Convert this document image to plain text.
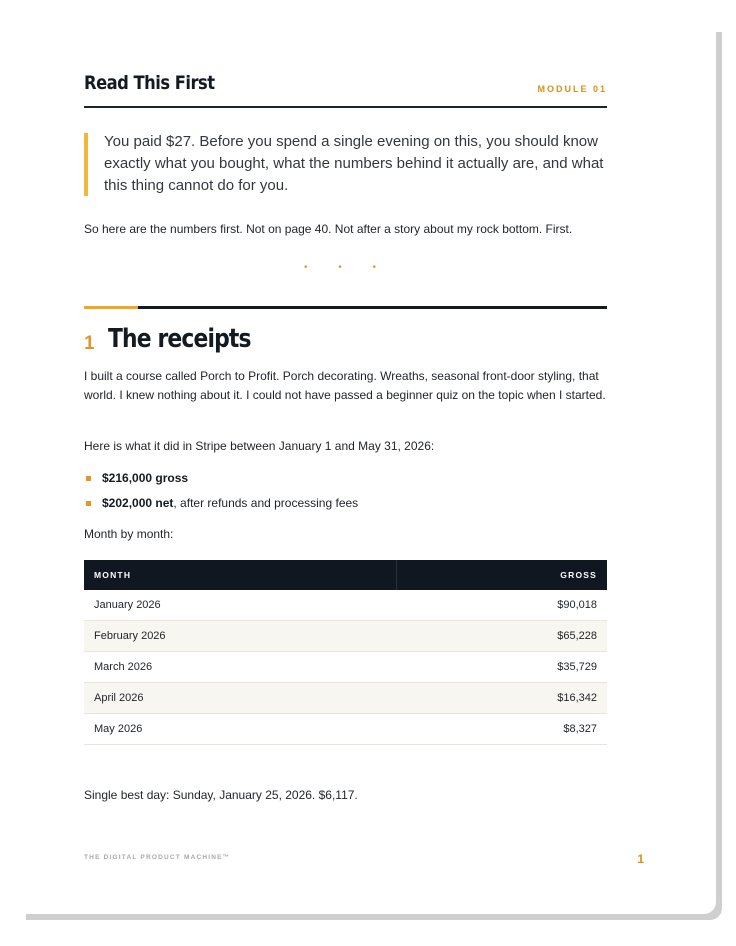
Read This First	MODULE 01

You paid $27. Before you spend a single evening on this, you should know exactly what you bought, what the numbers behind it actually are, and what this thing cannot do for you.

So here are the numbers first. Not on page 40. Not after a story about my rock bottom. First.

• • •
1 The receipts

I built a course called Porch to Profit. Porch decorating. Wreaths, seasonal front-door styling, that world. I knew nothing about it. I could not have passed a beginner quiz on the topic when I started.

Here is what it did in Stripe between January 1 and May 31, 2026:

$216,000 gross
$202,000 net, after refunds and processing fees

Month by month:

MONTH	GROSS
January 2026	$90,018
February 2026	$65,228
March 2026	$35,729
April 2026	$16,342
May 2026	$8,327

Single best day: Sunday, January 25, 2026. $6,117.

THE DIGITAL PRODUCT MACHINE™	1
